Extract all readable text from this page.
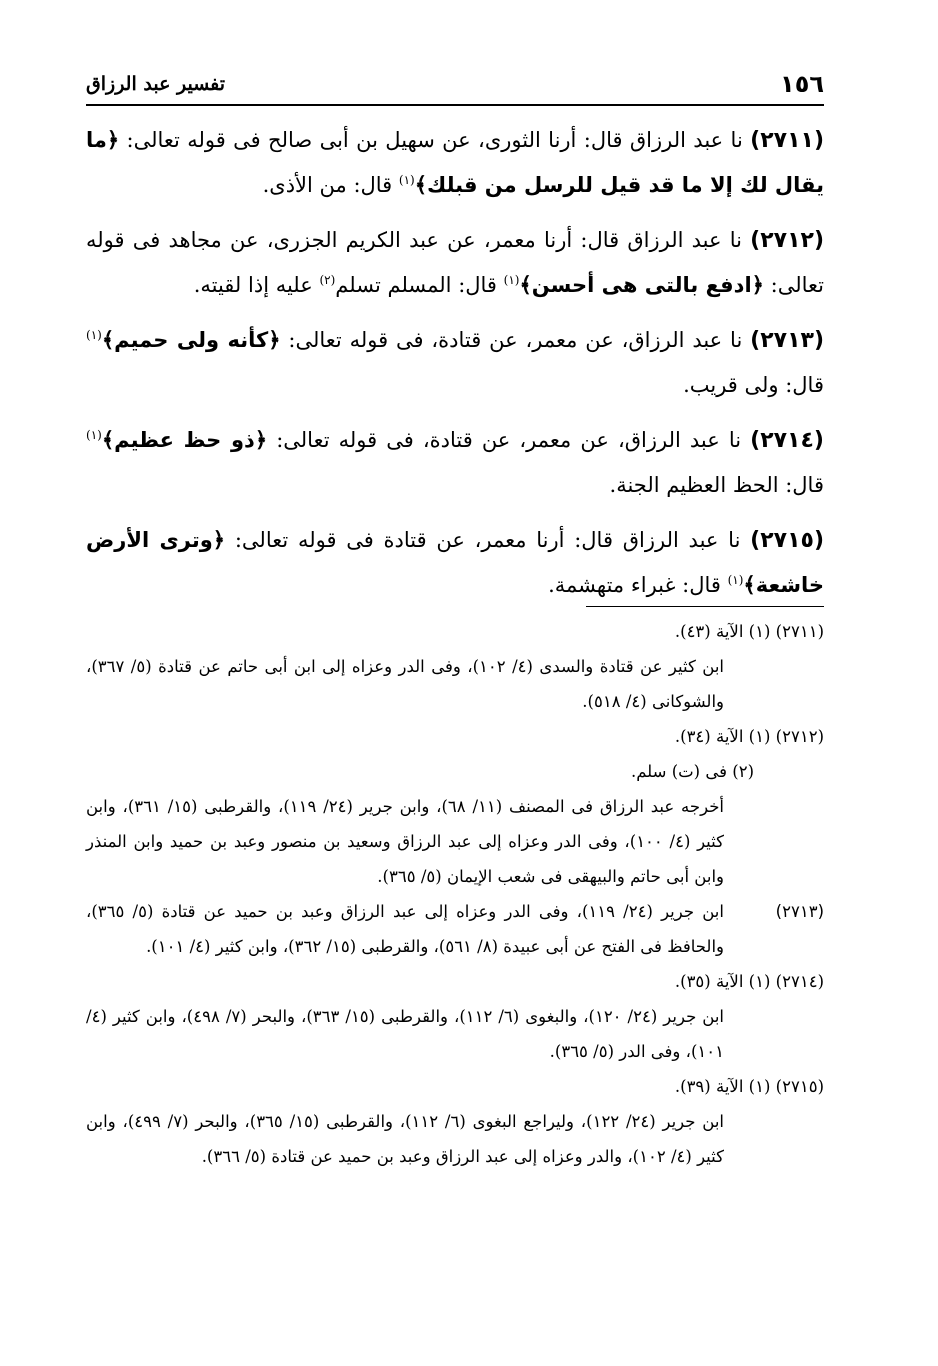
١٥٦
تفسير عبد الرزاق

(٢٧١١) نا عبد الرزاق قال: أرنا الثورى، عن سهيل بن أبى صالح فى قوله تعالى: ﴿ما يقال لك إلا ما قد قيل للرسل من قبلك﴾$^{(١)}$ قال: من الأذى.

(٢٧١٢) نا عبد الرزاق قال: أرنا معمر، عن عبد الكريم الجزرى، عن مجاهد فى قوله تعالى: ﴿ادفع بالتى هى أحسن﴾$^{(١)}$ قال: المسلم تسلم$^{(٢)}$ عليه إذا لقيته.

(٢٧١٣) نا عبد الرزاق، عن معمر، عن قتادة، فى قوله تعالى: ﴿كأنه ولى حميم﴾$^{(١)}$ قال: ولى قريب.

(٢٧١٤) نا عبد الرزاق، عن معمر، عن قتادة، فى قوله تعالى: ﴿ذو حظ عظيم﴾$^{(١)}$ قال: الحظ العظيم الجنة.

(٢٧١٥) نا عبد الرزاق قال: أرنا معمر، عن قتادة فى قوله تعالى: ﴿وترى الأرض خاشعة﴾$^{(١)}$ قال: غبراء متهشمة.

(٢٧١١) (١) الآية (٤٣).
ابن كثير عن قتادة والسدى (٤/ ١٠٢)، وفى الدر وعزاه إلى ابن أبى حاتم عن قتادة (٥/ ٣٦٧)، والشوكانى (٤/ ٥١٨).
(٢٧١٢) (١) الآية (٣٤).
(٢) فى (ت) سلم.
أخرجه عبد الرزاق فى المصنف (١١/ ٦٨)، وابن جرير (٢٤/ ١١٩)، والقرطبى (١٥/ ٣٦١)، وابن كثير (٤/ ١٠٠)، وفى الدر وعزاه إلى عبد الرزاق وسعيد بن منصور وعبد بن حميد وابن المنذر وابن أبى حاتم والبيهقى فى شعب الإيمان (٥/ ٣٦٥).
(٢٧١٣)
ابن جرير (٢٤/ ١١٩)، وفى الدر وعزاه إلى عبد الرزاق وعبد بن حميد عن قتادة (٥/ ٣٦٥)، والحافظ فى الفتح عن أبى عبيدة (٨/ ٥٦١)، والقرطبى (١٥/ ٣٦٢)، وابن كثير (٤/ ١٠١).
(٢٧١٤) (١) الآية (٣٥).
ابن جرير (٢٤/ ١٢٠)، والبغوى (٦/ ١١٢)، والقرطبى (١٥/ ٣٦٣)، والبحر (٧/ ٤٩٨)، وابن كثير (٤/ ١٠١)، وفى الدر (٥/ ٣٦٥).
(٢٧١٥) (١) الآية (٣٩).
ابن جرير (٢٤/ ١٢٢)، وليراجع البغوى (٦/ ١١٢)، والقرطبى (١٥/ ٣٦٥)، والبحر (٧/ ٤٩٩)، وابن كثير (٤/ ١٠٢)، والدر وعزاه إلى عبد الرزاق وعبد بن حميد عن قتادة (٥/ ٣٦٦).
